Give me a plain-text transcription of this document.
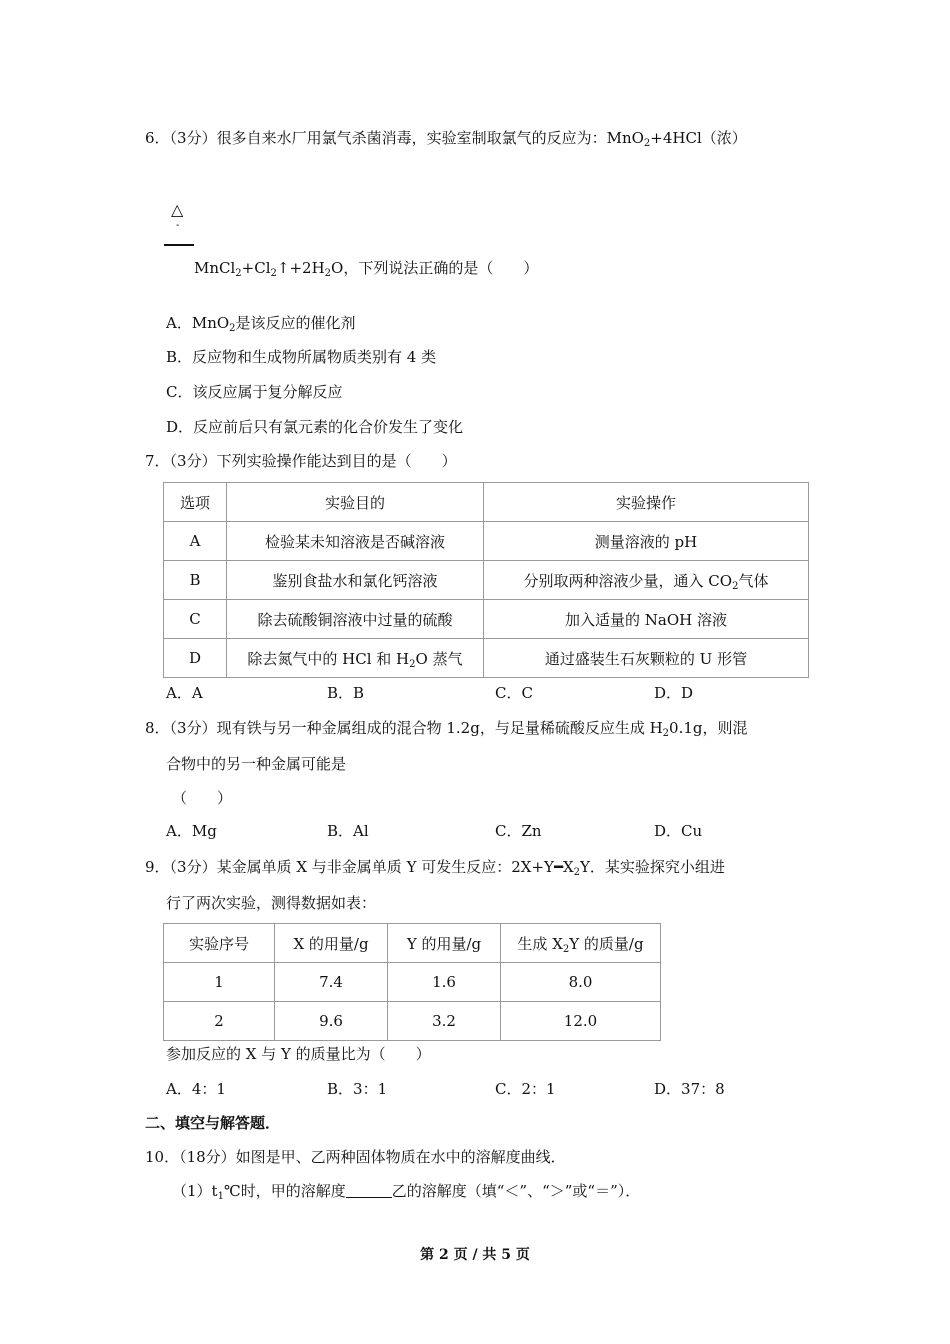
6．（3分）很多自来水厂用氯气杀菌消毒，实验室制取氯气的反应为：MnO$_2$+4HCl（浓）
△
-
$MnCl_2+Cl_2↑+2H_2O$，下列说法正确的是（　　）
A．MnO$_2$是该反应的催化剂
B．反应物和生成物所属物质类别有 4 类
C．该反应属于复分解反应
D．反应前后只有氯元素的化合价发生了变化
7．（3分）下列实验操作能达到目的是（　　）
选项	实验目的	实验操作
A	检验某未知溶液是否碱溶液	测量溶液的 pH
B	鉴别食盐水和氯化钙溶液	分别取两种溶液少量，通入 $CO_2$气体
C	除去硫酸铜溶液中过量的硫酸	加入适量的 NaOH 溶液
D	除去氮气中的 HCl 和 $H_2O$ 蒸气	通过盛装生石灰颗粒的 U 形管
A．A	B．B	C．C	D．D
8．（3分）现有铁与另一种金属组成的混合物 1.2g，与足量稀硫酸反应生成 $H_20.1g$，则混
合物中的另一种金属可能是
（　　）
A．Mg	B．Al	C．Zn	D．Cu
9．（3分）某金属单质 X 与非金属单质 Y 可发生反应：$2X+Y━X_2Y$．某实验探究小组进
行了两次实验，测得数据如表：
实验序号	X 的用量/g	Y 的用量/g	生成 $X_2Y$ 的质量/g
1	7.4	1.6	8.0
2	9.6	3.2	12.0
参加反应的 X 与 Y 的质量比为（　　）
A．4：1	B．3：1	C．2：1	D．37：8
二、填空与解答题．
10．（18分）如图是甲、乙两种固体物质在水中的溶解度曲线．
$(1)t_1℃$时，甲的溶解度	乙的溶解度（填“＜”、“＞”或“＝”）．
第 2 页 / 共 5 页
